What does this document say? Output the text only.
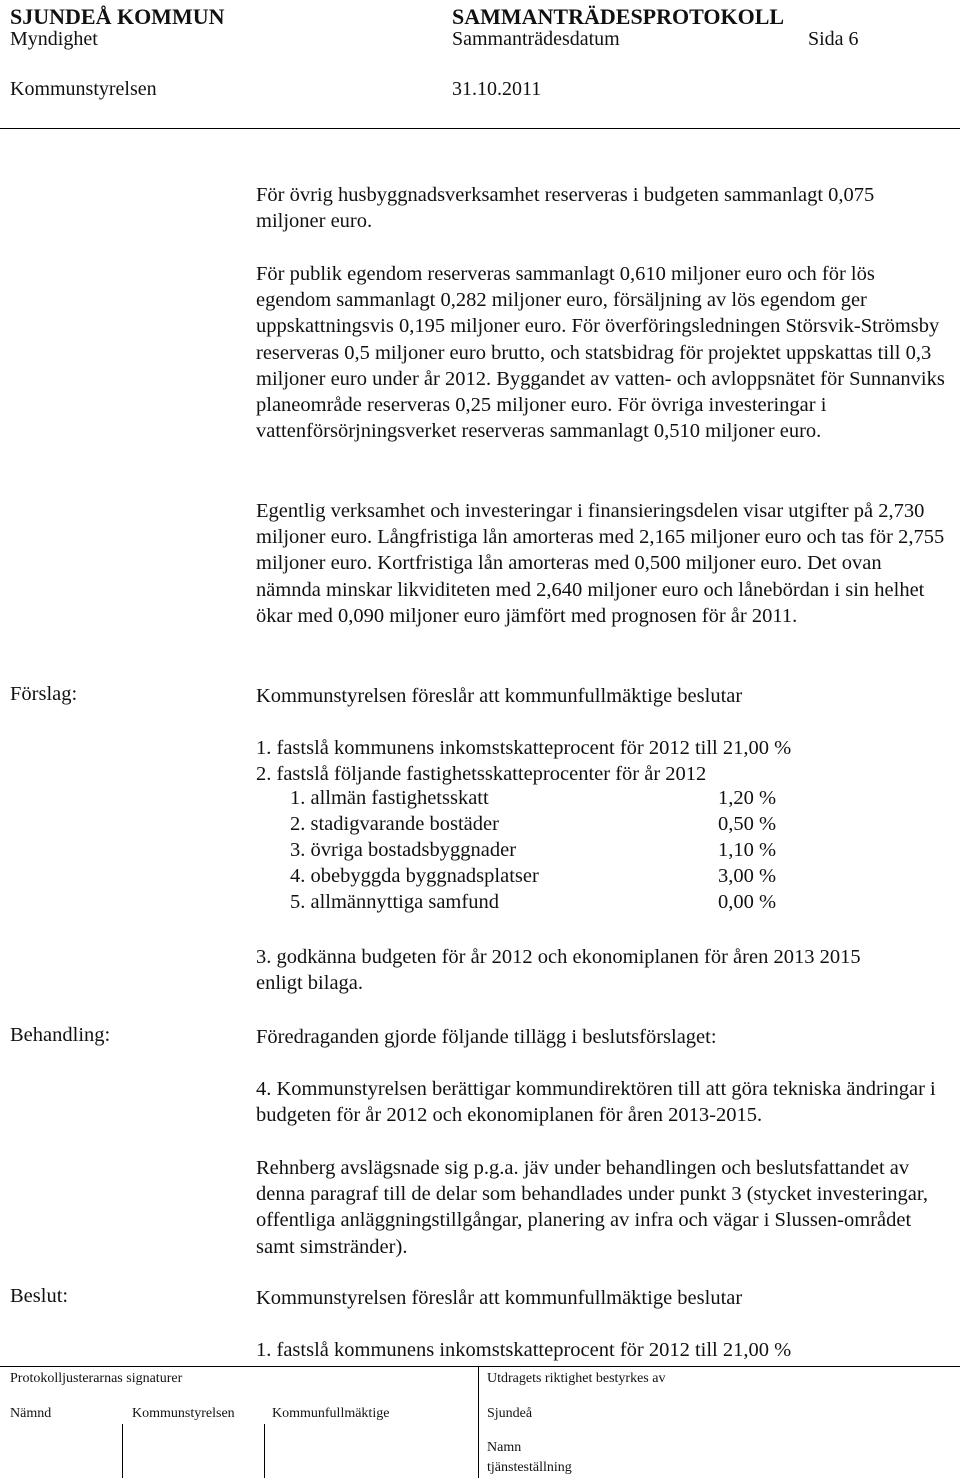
SJUNDEÅ KOMMUN	SAMMANTRÄDESPROTOKOLL
Myndighet	Sammanträdesdatum	Sida 6
Kommunstyrelsen	31.10.2011

För övrig husbyggnadsverksamhet reserveras i budgeten sammanlagt 0,075 miljoner euro.

För publik egendom reserveras sammanlagt 0,610 miljoner euro och för lös egendom sammanlagt 0,282 miljoner euro, försäljning av lös egendom ger uppskattningsvis 0,195 miljoner euro. För överföringsledningen Störsvik-Strömsby reserveras 0,5 miljoner euro brutto, och statsbidrag för projektet uppskattas till 0,3 miljoner euro under år 2012. Byggandet av vatten- och avloppsnätet för Sunnanviks planeområde reserveras 0,25 miljoner euro. För övriga investeringar i vattenförsörjningsverket reserveras sammanlagt 0,510 miljoner euro.

Egentlig verksamhet och investeringar i finansieringsdelen visar utgifter på 2,730 miljoner euro. Långfristiga lån amorteras med 2,165 miljoner euro och tas för 2,755 miljoner euro. Kortfristiga lån amorteras med 0,500 miljoner euro. Det ovan nämnda minskar likviditeten med 2,640 miljoner euro och lånebördan i sin helhet ökar med 0,090 miljoner euro jämfört med prognosen för år 2011.

Förslag:	Kommunstyrelsen föreslår att kommunfullmäktige beslutar
1. fastslå kommunens inkomstskatteprocent för 2012 till 21,00 %
2. fastslå följande fastighetsskatteprocenter för år 2012
1. allmän fastighetsskatt	1,20 %
2. stadigvarande bostäder	0,50 %
3. övriga bostadsbyggnader	1,10 %
4. obebyggda byggnadsplatser	3,00 %
5. allmännyttiga samfund	0,00 %
3. godkänna budgeten för år 2012 och ekonomiplanen för åren 2013 2015
enligt bilaga.
Behandling:	Föredraganden gjorde följande tillägg i beslutsförslaget:

4. Kommunstyrelsen berättigar kommundirektören till att göra tekniska ändringar i budgeten för år 2012 och ekonomiplanen för åren 2013-2015.

Rehnberg avslägsnade sig p.g.a. jäv under behandlingen och beslutsfattandet av denna paragraf till de delar som behandlades under punkt 3 (stycket investeringar, offentliga anläggningstillgångar, planering av infra och vägar i Slussen-området samt simstränder).

Beslut:	Kommunstyrelsen föreslår att kommunfullmäktige beslutar
1. fastslå kommunens inkomstskatteprocent för 2012 till 21,00 %
Protokolljusterarnas signaturer	Utdragets riktighet bestyrkes av
Nämnd	Kommunstyrelsen	Kommunfullmäktige	Sjundeå
Namn
tjänsteställning
